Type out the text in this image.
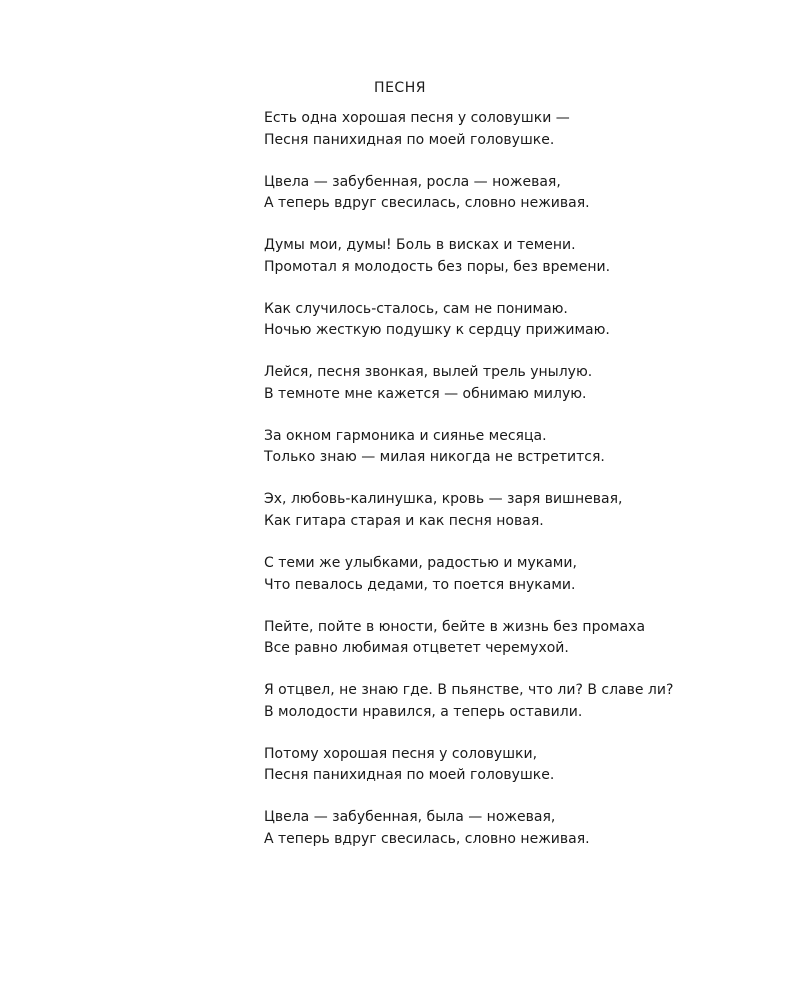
ПЕСНЯ
Есть одна хорошая песня у соловушки —
Песня панихидная по моей головушке.
Цвела — забубенная, росла — ножевая,
А теперь вдруг свесилась, словно неживая.
Думы мои, думы! Боль в висках и темени.
Промотал я молодость без поры, без времени.
Как случилось-сталось, сам не понимаю.
Ночью жесткую подушку к сердцу прижимаю.
Лейся, песня звонкая, вылей трель унылую.
В темноте мне кажется — обнимаю милую.
За окном гармоника и сиянье месяца.
Только знаю — милая никогда не встретится.
Эх, любовь-калинушка, кровь — заря вишневая,
Как гитара старая и как песня новая.
С теми же улыбками, радостью и муками,
Что певалось дедами, то поется внуками.
Пейте, пойте в юности, бейте в жизнь без промаха
Все равно любимая отцветет черемухой.
Я отцвел, не знаю где. В пьянстве, что ли? В славе ли?
В молодости нравился, а теперь оставили.
Потому хорошая песня у соловушки,
Песня панихидная по моей головушке.
Цвела — забубенная, была — ножевая,
А теперь вдруг свесилась, словно неживая.
